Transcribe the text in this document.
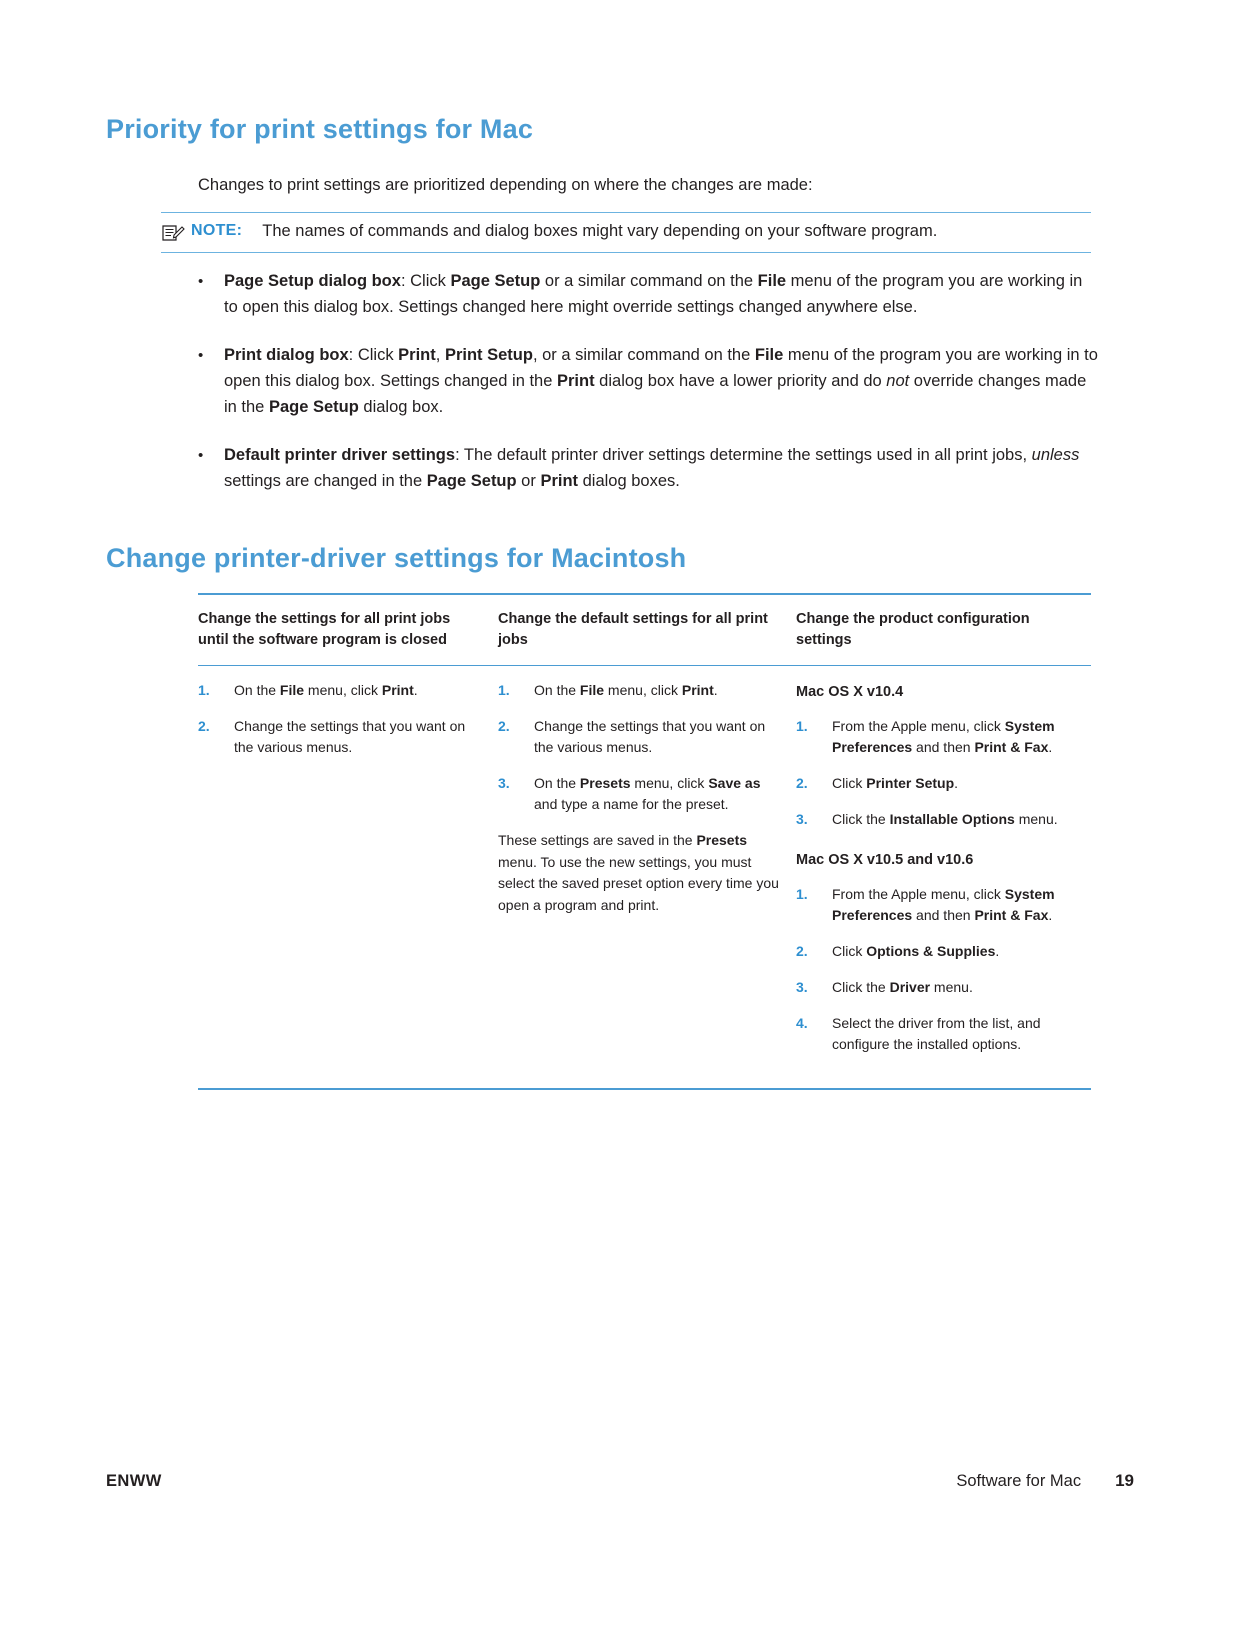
Priority for print settings for Mac
Changes to print settings are prioritized depending on where the changes are made:
NOTE: The names of commands and dialog boxes might vary depending on your software program.
•
Page Setup dialog box: Click Page Setup or a similar command on the File menu of the program you are working in to open this dialog box. Settings changed here might override settings changed anywhere else.
•
Print dialog box: Click Print, Print Setup, or a similar command on the File menu of the program you are working in to open this dialog box. Settings changed in the Print dialog box have a lower priority and do not override changes made in the Page Setup dialog box.
•
Default printer driver settings: The default printer driver settings determine the settings used in all print jobs, unless settings are changed in the Page Setup or Print dialog boxes.
Change printer-driver settings for Macintosh
Change the settings for all print jobs until the software program is closed	Change the default settings for all print jobs	Change the product configuration settings

1.	On the File menu, click Print.
2.	Change the settings that you want on the various menus.

1.	On the File menu, click Print.
2.	Change the settings that you want on the various menus.
3.	On the Presets menu, click Save as and type a name for the preset.

These settings are saved in the Presets menu. To use the new settings, you must select the saved preset option every time you open a program and print.

Mac OS X v10.4
1.	From the Apple menu, click System Preferences and then Print & Fax.
2.	Click Printer Setup.
3.	Click the Installable Options menu.
Mac OS X v10.5 and v10.6
1.	From the Apple menu, click System Preferences and then Print & Fax.
2.	Click Options & Supplies.
3.	Click the Driver menu.
4.	Select the driver from the list, and configure the installed options.
ENWW	Software for Mac 19
